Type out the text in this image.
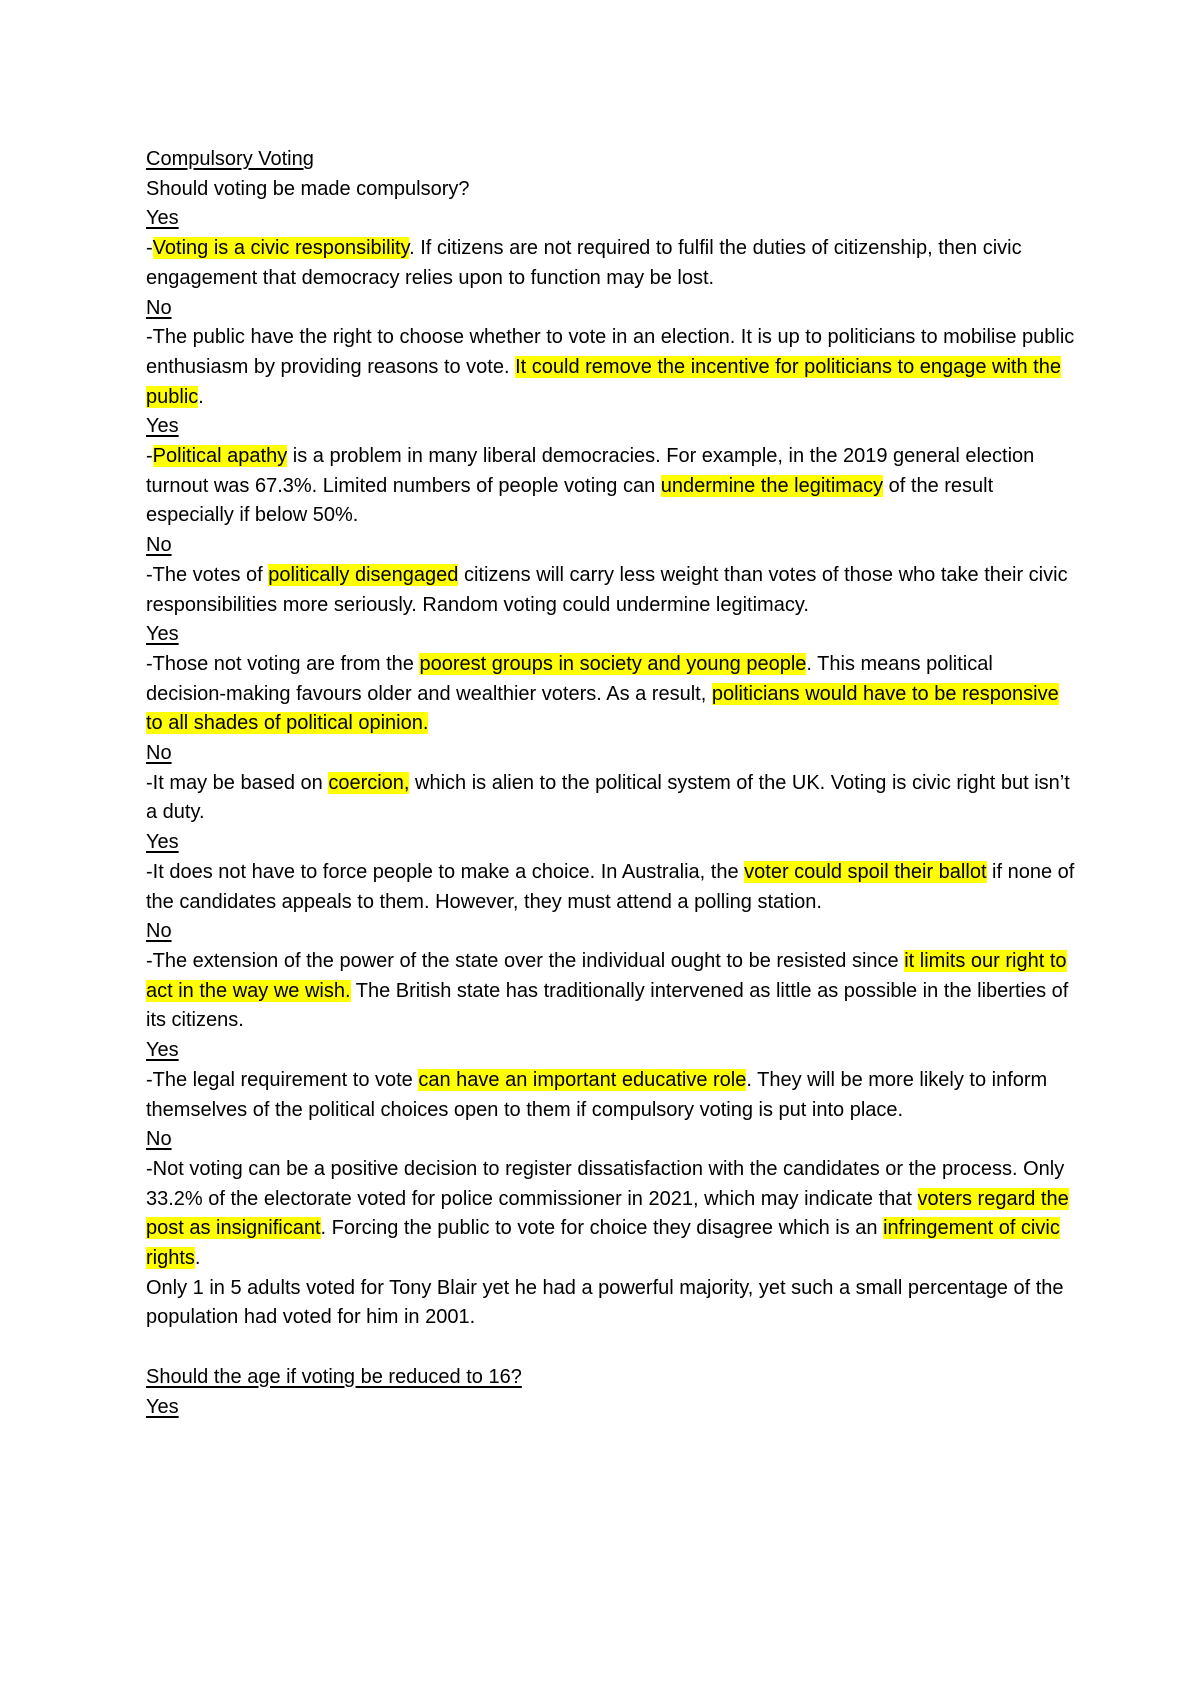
Compulsory Voting
Should voting be made compulsory?
Yes
-Voting is a civic responsibility. If citizens are not required to fulfil the duties of citizenship, then civic engagement that democracy relies upon to function may be lost.
No
-The public have the right to choose whether to vote in an election. It is up to politicians to mobilise public enthusiasm by providing reasons to vote. It could remove the incentive for politicians to engage with the public.
Yes
-Political apathy is a problem in many liberal democracies. For example, in the 2019 general election turnout was 67.3%. Limited numbers of people voting can undermine the legitimacy of the result especially if below 50%.
No
-The votes of politically disengaged citizens will carry less weight than votes of those who take their civic responsibilities more seriously. Random voting could undermine legitimacy.
Yes
-Those not voting are from the poorest groups in society and young people. This means political decision-making favours older and wealthier voters. As a result, politicians would have to be responsive to all shades of political opinion.
No
-It may be based on coercion, which is alien to the political system of the UK. Voting is civic right but isn’t a duty.
Yes
-It does not have to force people to make a choice. In Australia, the voter could spoil their ballot if none of the candidates appeals to them. However, they must attend a polling station.
No
-The extension of the power of the state over the individual ought to be resisted since it limits our right to act in the way we wish. The British state has traditionally intervened as little as possible in the liberties of its citizens.
Yes
-The legal requirement to vote can have an important educative role. They will be more likely to inform themselves of the political choices open to them if compulsory voting is put into place.
No
-Not voting can be a positive decision to register dissatisfaction with the candidates or the process. Only 33.2% of the electorate voted for police commissioner in 2021, which may indicate that voters regard the post as insignificant. Forcing the public to vote for choice they disagree which is an infringement of civic rights.
Only 1 in 5 adults voted for Tony Blair yet he had a powerful majority, yet such a small percentage of the population had voted for him in 2001.
Should the age if voting be reduced to 16?
Yes
